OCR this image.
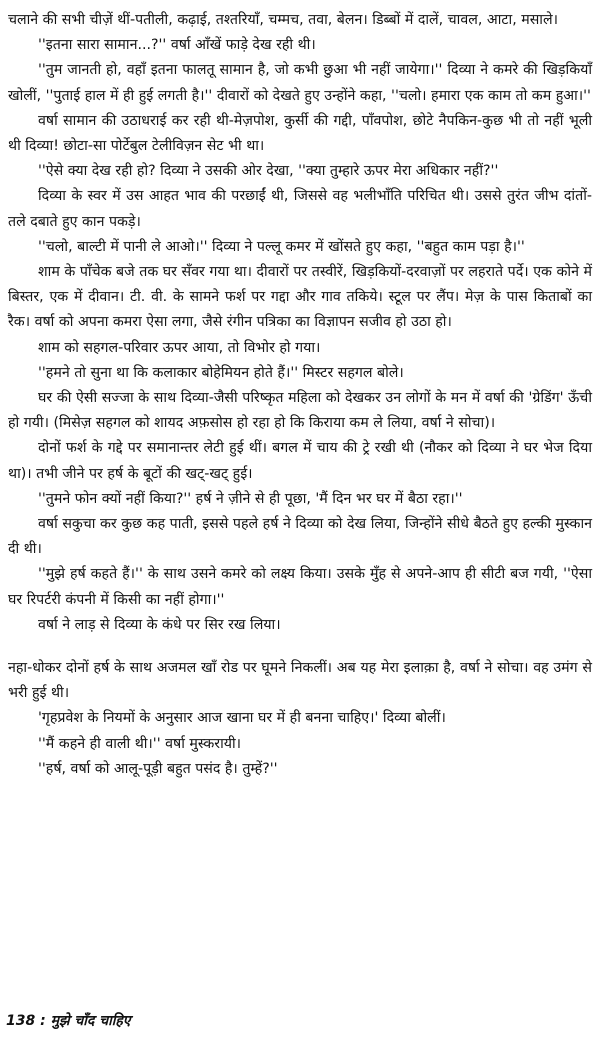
चलाने की सभी चीज़ें थीं-पतीली, कढ़ाई, तश्तरियाँ, चम्मच, तवा, बेलन। डिब्बों में दालें, चावल, आटा, मसाले।

''इतना सारा सामान...?'' वर्षा आँखें फाड़े देख रही थी।

''तुम जानती हो, वहाँ इतना फालतू सामान है, जो कभी छुआ भी नहीं जायेगा।'' दिव्या ने कमरे की खिड़कियाँ खोलीं, ''पुताई हाल में ही हुई लगती है।'' दीवारों को देखते हुए उन्होंने कहा, ''चलो। हमारा एक काम तो कम हुआ।''

वर्षा सामान की उठाधराई कर रही थी-मेज़पोश, कुर्सी की गद्दी, पाँवपोश, छोटे नैपकिन-कुछ भी तो नहीं भूली थी दिव्या! छोटा-सा पोर्टेबुल टेलीविज़न सेट भी था।

''ऐसे क्या देख रही हो? दिव्या ने उसकी ओर देखा, ''क्या तुम्हारे ऊपर मेरा अधिकार नहीं?''

दिव्या के स्वर में उस आहत भाव की परछाईं थी, जिससे वह भलीभाँति परिचित थी। उससे तुरंत जीभ दांतों-तले दबाते हुए कान पकड़े।

''चलो, बाल्टी में पानी ले आओ।'' दिव्या ने पल्लू कमर में खोंसते हुए कहा, ''बहुत काम पड़ा है।''

शाम के पाँचेक बजे तक घर सँवर गया था। दीवारों पर तस्वीरें, खिड़कियों-दरवाज़ों पर लहराते पर्दे। एक कोने में बिस्तर, एक में दीवान। टी. वी. के सामने फर्श पर गद्दा और गाव तकिये। स्टूल पर लैंप। मेज़ के पास किताबों का रैक। वर्षा को अपना कमरा ऐसा लगा, जैसे रंगीन पत्रिका का विज्ञापन सजीव हो उठा हो।

शाम को सहगल-परिवार ऊपर आया, तो विभोर हो गया।

''हमने तो सुना था कि कलाकार बोहेमियन होते हैं।'' मिस्टर सहगल बोले।

घर की ऐसी सज्जा के साथ दिव्या-जैसी परिष्कृत महिला को देखकर उन लोगों के मन में वर्षा की 'ग्रेडिंग' ऊँची हो गयी। (मिसेज़ सहगल को शायद अफ़सोस हो रहा हो कि किराया कम ले लिया, वर्षा ने सोचा)।

दोनों फर्श के गद्दे पर समानान्तर लेटी हुई थीं। बगल में चाय की ट्रे रखी थी (नौकर को दिव्या ने घर भेज दिया था)। तभी जीने पर हर्ष के बूटों की खट्-खट् हुई।

''तुमने फोन क्यों नहीं किया?'' हर्ष ने ज़ीने से ही पूछा, 'मैं दिन भर घर में बैठा रहा।''

वर्षा सकुचा कर कुछ कह पाती, इससे पहले हर्ष ने दिव्या को देख लिया, जिन्होंने सीधे बैठते हुए हल्की मुस्कान दी थी।

''मुझे हर्ष कहते हैं।'' के साथ उसने कमरे को लक्ष्य किया। उसके मुँह से अपने-आप ही सीटी बज गयी, ''ऐसा घर रिपर्टरी कंपनी में किसी का नहीं होगा।''

वर्षा ने लाड़ से दिव्या के कंधे पर सिर रख लिया।

नहा-धोकर दोनों हर्ष के साथ अजमल खाँ रोड पर घूमने निकलीं। अब यह मेरा इलाक़ा है, वर्षा ने सोचा। वह उमंग से भरी हुई थी।

'गृहप्रवेश के नियमों के अनुसार आज खाना घर में ही बनना चाहिए।' दिव्या बोलीं।

''मैं कहने ही वाली थी।'' वर्षा मुस्करायी।

''हर्ष, वर्षा को आलू-पूड़ी बहुत पसंद है। तुम्हें?''

138 : मुझे चाँद चाहिए
